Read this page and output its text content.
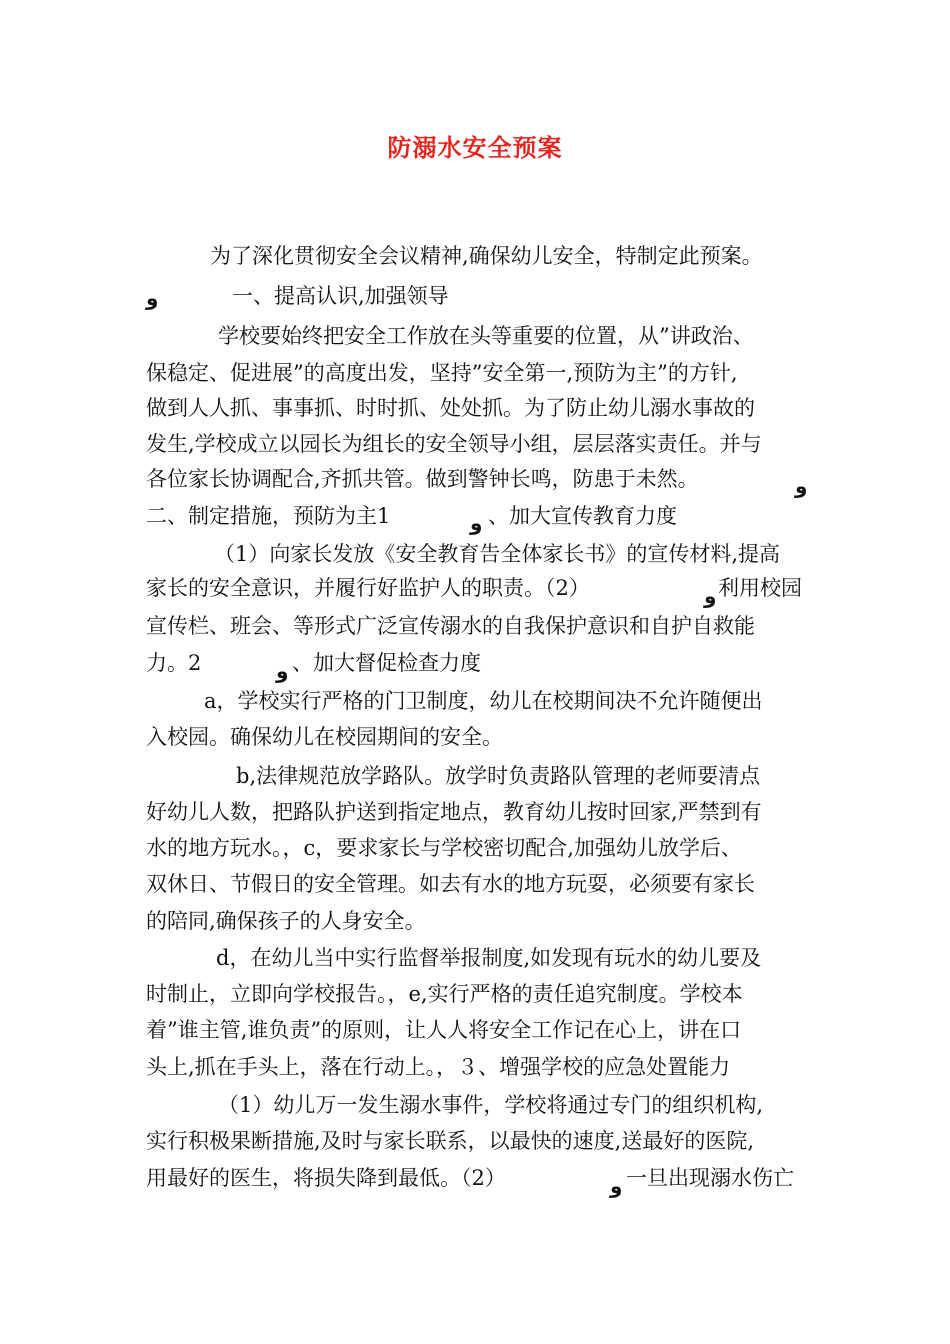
防溺水安全预案
为了深化贯彻安全会议精神,确保幼儿安全，特制定此预案。
و	一、提高认识,加强领导
学校要始终把安全工作放在头等重要的位置，从”讲政治、
保稳定、促进展”的高度出发，坚持”安全第一,预防为主”的方针,
做到人人抓、事事抓、时时抓、处处抓。为了防止幼儿溺水事故的
发生,学校成立以园长为组长的安全领导小组，层层落实责任。并与
各位家长协调配合,齐抓共管。做到警钟长鸣，防患于未然。	و
二、制定措施，预防为主1	و 、加大宣传教育力度
（1）向家长发放《安全教育告全体家长书》的宣传材料,提高
家长的安全意识，并履行好监护人的职责。（2）	و 利用校园
宣传栏、班会、等形式广泛宣传溺水的自我保护意识和自护自救能
力。2	و 、加大督促检查力度
a，学校实行严格的门卫制度，幼儿在校期间决不允许随便出
入校园。确保幼儿在校园期间的安全。
b,法律规范放学路队。放学时负责路队管理的老师要清点
好幼儿人数，把路队护送到指定地点，教育幼儿按时回家,严禁到有
水的地方玩水。，c，要求家长与学校密切配合,加强幼儿放学后、
双休日、节假日的安全管理。如去有水的地方玩耍，必须要有家长
的陪同,确保孩子的人身安全。
d，在幼儿当中实行监督举报制度,如发现有玩水的幼儿要及
时制止，立即向学校报告。，e,实行严格的责任追究制度。学校本
着”谁主管,谁负责”的原则，让人人将安全工作记在心上，讲在口
头上,抓在手头上，落在行动上。，３、增强学校的应急处置能力
（1）幼儿万一发生溺水事件，学校将通过专门的组织机构,
实行积极果断措施,及时与家长联系，以最快的速度,送最好的医院,
用最好的医生，将损失降到最低。（2）	و 一旦出现溺水伤亡
